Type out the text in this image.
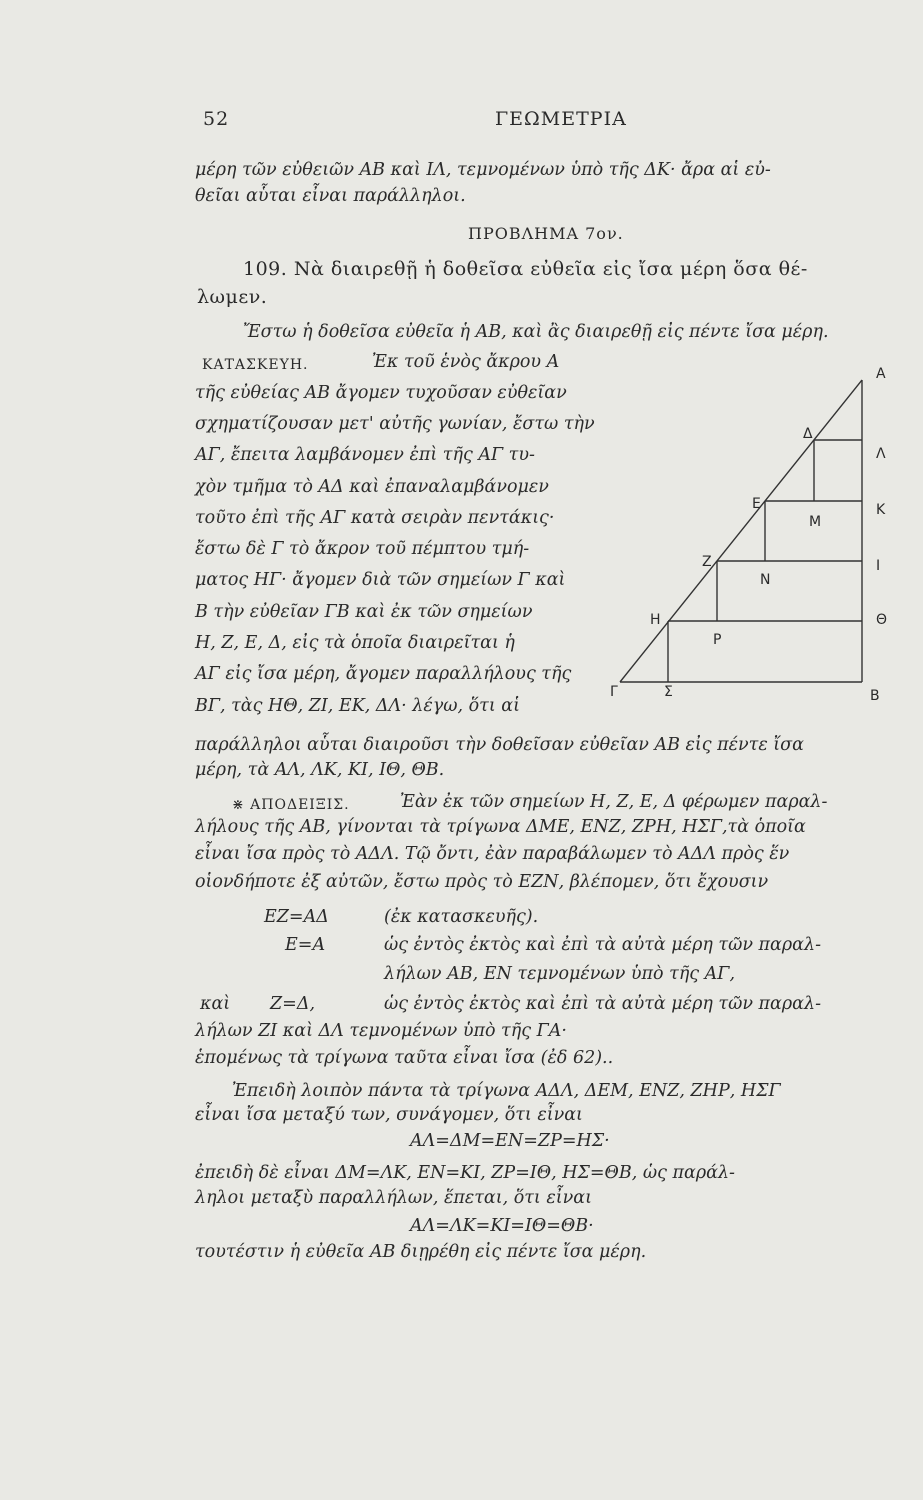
52	ΓΕΩΜΕΤΡΙΑ
μέρη τῶν εὐθειῶν ΑΒ καὶ ΙΛ, τεμνομένων ὑπὸ τῆς ΔΚ· ἄρα αἱ εὐ-
θεῖαι αὗται εἶναι παράλληλοι.
ΠΡΟΒΛΗΜΑ 7ον.
109. Νὰ διαιρεθῇ ἡ δοθεῖσα εὐθεῖα εἰς ἴσα μέρη ὅσα θέ-
λωμεν.
Ἔστω ἡ δοθεῖσα εὐθεῖα ἡ ΑΒ, καὶ ἂς διαιρεθῇ εἰς πέντε ἴσα μέρη.
ΚΑΤΑΣΚΕΥΗ.	Ἐκ τοῦ ἑνὸς ἄκρου Α
τῆς εὐθείας ΑΒ ἄγομεν τυχοῦσαν εὐθεῖαν
σχηματίζουσαν μετ' αὐτῆς γωνίαν, ἔστω τὴν
ΑΓ, ἔπειτα λαμβάνομεν ἐπὶ τῆς ΑΓ τυ-
χὸν τμῆμα τὸ ΑΔ καὶ ἐπαναλαμβάνομεν
τοῦτο ἐπὶ τῆς ΑΓ κατὰ σειρὰν πεντάκις·
ἔστω δὲ Γ τὸ ἄκρον τοῦ πέμπτου τμή-
ματος ΗΓ· ἄγομεν διὰ τῶν σημείων Γ καὶ
Β τὴν εὐθεῖαν ΓΒ καὶ ἐκ τῶν σημείων
Η, Ζ, Ε, Δ, εἰς τὰ ὁποῖα διαιρεῖται ἡ
ΑΓ εἰς ἴσα μέρη, ἄγομεν παραλλήλους τῆς
ΒΓ, τὰς ΗΘ, ΖΙ, ΕΚ, ΔΛ· λέγω, ὅτι αἱ
παράλληλοι αὗται διαιροῦσι τὴν δοθεῖσαν εὐθεῖαν ΑΒ εἰς πέντε ἴσα
μέρη, τὰ ΑΛ, ΛΚ, ΚΙ, ΙΘ, ΘΒ.
⋇ ΑΠΟΔΕΙΞΙΣ.	Ἐὰν ἐκ τῶν σημείων Η, Ζ, Ε, Δ φέρωμεν παραλ-
λήλους τῆς ΑΒ, γίνονται τὰ τρίγωνα ΔΜΕ, ΕΝΖ, ΖΡΗ, ΗΣΓ,τὰ ὁποῖα
εἶναι ἴσα πρὸς τὸ ΑΔΛ. Τῷ ὄντι, ἐὰν παραβάλωμεν τὸ ΑΔΛ πρὸς ἕν
οἱονδήποτε ἐξ αὐτῶν, ἔστω πρὸς τὸ ΕΖΝ, βλέπομεν, ὅτι ἔχουσιν
ΕΖ=ΑΔ	(ἐκ κατασκευῆς).
Ε=Α	ὡς ἐντὸς ἐκτὸς καὶ ἐπὶ τὰ αὐτὰ μέρη τῶν παραλ-
λήλων ΑΒ, ΕΝ τεμνομένων ὑπὸ τῆς ΑΓ,
καὶ Ζ=Δ,	ὡς ἐντὸς ἐκτὸς καὶ ἐπὶ τὰ αὐτὰ μέρη τῶν παραλ-
λήλων ΖΙ καὶ ΔΛ τεμνομένων ὑπὸ τῆς ΓΑ·
ἑπομένως τὰ τρίγωνα ταῦτα εἶναι ἴσα (ἐδ 62)..
Ἐπειδὴ λοιπὸν πάντα τὰ τρίγωνα ΑΔΛ, ΔΕΜ, ΕΝΖ, ΖΗΡ, ΗΣΓ
εἶναι ἴσα μεταξύ των, συνάγομεν, ὅτι εἶναι
ΑΛ=ΔΜ=ΕΝ=ΖΡ=ΗΣ·
ἐπειδὴ δὲ εἶναι ΔΜ=ΛΚ, ΕΝ=ΚΙ, ΖΡ=ΙΘ, ΗΣ=ΘΒ, ὡς παράλ-
ληλοι μεταξὺ παραλλήλων, ἕπεται, ὅτι εἶναι
ΑΛ=ΛΚ=ΚΙ=ΙΘ=ΘΒ·
τουτέστιν ἡ εὐθεῖα ΑΒ διῃρέθη εἰς πέντε ἴσα μέρη.
Α
Δ
Λ
Ε	Κ
Μ
Ζ	Ι
Ν
Η	Θ
Ρ
Γ	Σ	Β
